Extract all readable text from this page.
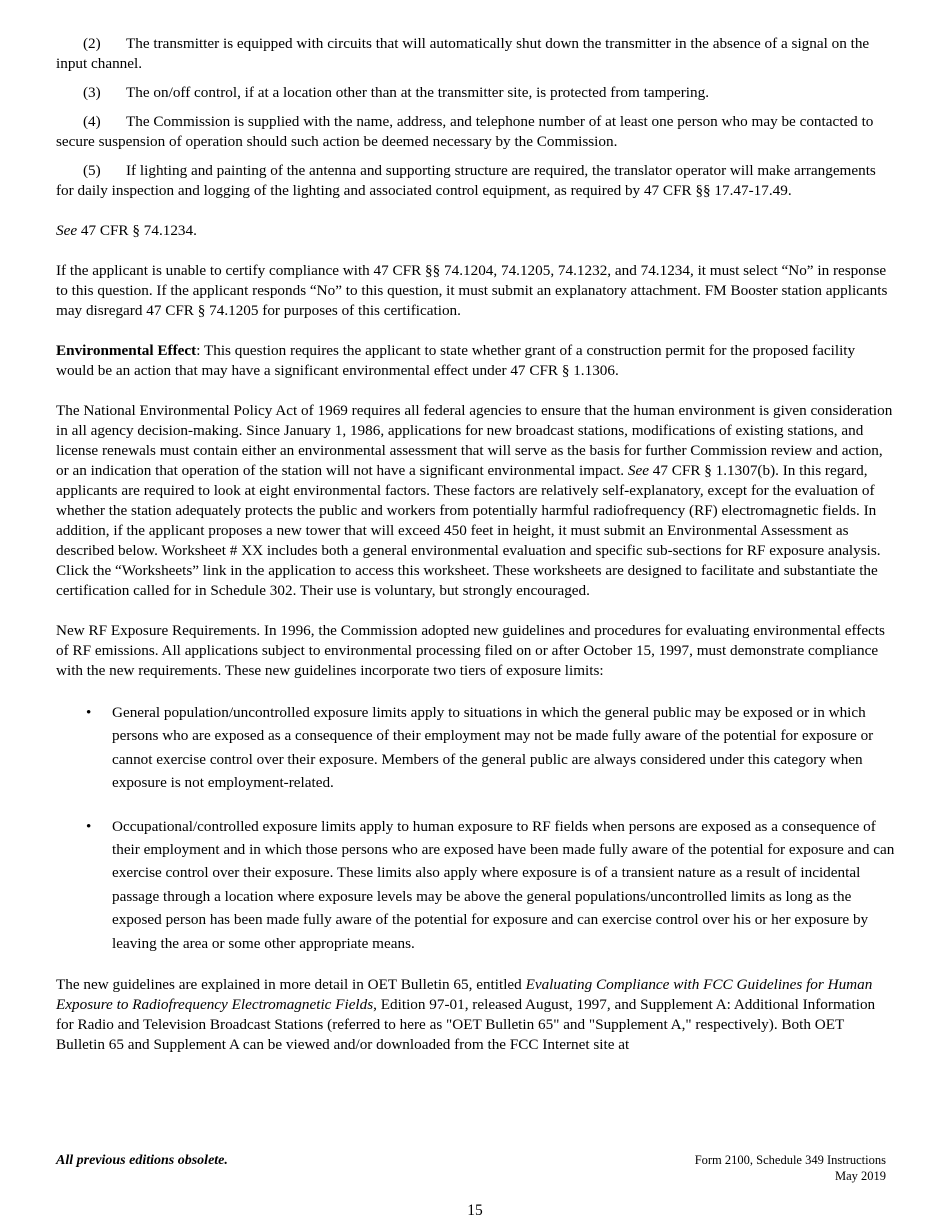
(2) The transmitter is equipped with circuits that will automatically shut down the transmitter in the absence of a signal on the input channel.

(3) The on/off control, if at a location other than at the transmitter site, is protected from tampering.

(4) The Commission is supplied with the name, address, and telephone number of at least one person who may be contacted to secure suspension of operation should such action be deemed necessary by the Commission.

(5) If lighting and painting of the antenna and supporting structure are required, the translator operator will make arrangements for daily inspection and logging of the lighting and associated control equipment, as required by 47 CFR §§ 17.47-17.49.

See 47 CFR § 74.1234.

If the applicant is unable to certify compliance with 47 CFR §§ 74.1204, 74.1205, 74.1232, and 74.1234, it must select “No” in response to this question. If the applicant responds “No” to this question, it must submit an explanatory attachment. FM Booster station applicants may disregard 47 CFR § 74.1205 for purposes of this certification.

Environmental Effect: This question requires the applicant to state whether grant of a construction permit for the proposed facility would be an action that may have a significant environmental effect under 47 CFR § 1.1306.

The National Environmental Policy Act of 1969 requires all federal agencies to ensure that the human environment is given consideration in all agency decision-making. Since January 1, 1986, applications for new broadcast stations, modifications of existing stations, and license renewals must contain either an environmental assessment that will serve as the basis for further Commission review and action, or an indication that operation of the station will not have a significant environmental impact. See 47 CFR § 1.1307(b). In this regard, applicants are required to look at eight environmental factors. These factors are relatively self-explanatory, except for the evaluation of whether the station adequately protects the public and workers from potentially harmful radiofrequency (RF) electromagnetic fields. In addition, if the applicant proposes a new tower that will exceed 450 feet in height, it must submit an Environmental Assessment as described below. Worksheet # XX includes both a general environmental evaluation and specific sub-sections for RF exposure analysis. Click the “Worksheets” link in the application to access this worksheet. These worksheets are designed to facilitate and substantiate the certification called for in Schedule 302. Their use is voluntary, but strongly encouraged.

New RF Exposure Requirements. In 1996, the Commission adopted new guidelines and procedures for evaluating environmental effects of RF emissions. All applications subject to environmental processing filed on or after October 15, 1997, must demonstrate compliance with the new requirements. These new guidelines incorporate two tiers of exposure limits:

• General population/uncontrolled exposure limits apply to situations in which the general public may be exposed or in which persons who are exposed as a consequence of their employment may not be made fully aware of the potential for exposure or cannot exercise control over their exposure. Members of the general public are always considered under this category when exposure is not employment-related.
• Occupational/controlled exposure limits apply to human exposure to RF fields when persons are exposed as a consequence of their employment and in which those persons who are exposed have been made fully aware of the potential for exposure and can exercise control over their exposure. These limits also apply where exposure is of a transient nature as a result of incidental passage through a location where exposure levels may be above the general populations/uncontrolled limits as long as the exposed person has been made fully aware of the potential for exposure and can exercise control over his or her exposure by leaving the area or some other appropriate means.

The new guidelines are explained in more detail in OET Bulletin 65, entitled Evaluating Compliance with FCC Guidelines for Human Exposure to Radiofrequency Electromagnetic Fields, Edition 97-01, released August, 1997, and Supplement A: Additional Information for Radio and Television Broadcast Stations (referred to here as "OET Bulletin 65" and "Supplement A," respectively). Both OET Bulletin 65 and Supplement A can be viewed and/or downloaded from the FCC Internet site at

All previous editions obsolete.	Form 2100, Schedule 349 Instructions
May 2019
15
